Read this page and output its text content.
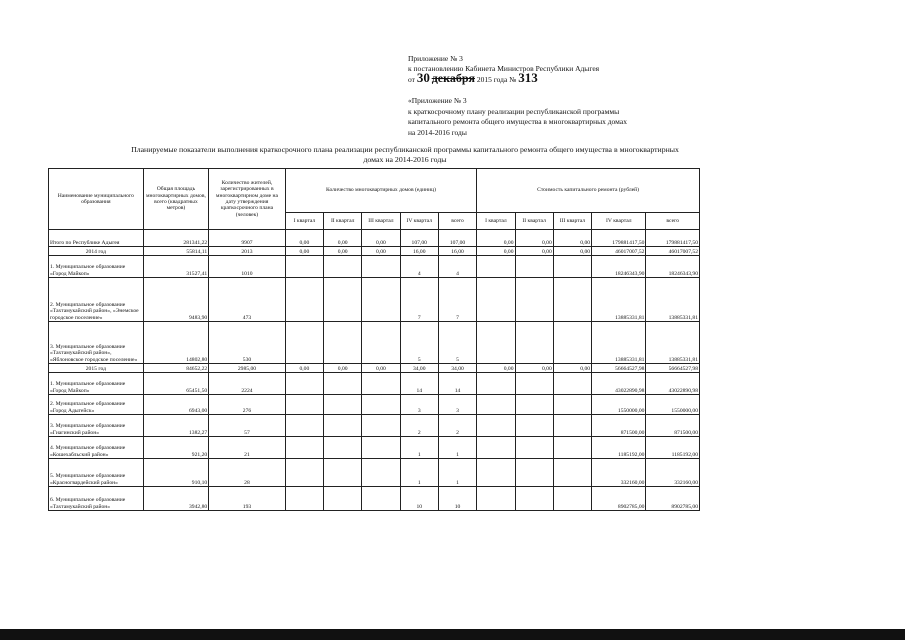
Приложение № 3
к постановлению Кабинета Министров Республики Адыгея
от 30 декабря 2015 года № 313
«Приложение № 3
к краткосрочному плану реализации республиканской программы
капитального ремонта общего имущества в многоквартирных домах
на 2014-2016 годы
Планируемые показатели выполнения краткосрочного плана реализации республиканской программы капитального ремонта общего имущества в многоквартирных
домах на 2014-2016 годы
Наименование муниципального образования	Общая площадь многоквартирных домов, всего (квадратных метров)	Количество жителей, зарегистрированных в многоквартирном доме на дату утверждения краткосрочного плана (человек)	Количество многоквартирных домов (единиц)					Стоимость капитального ремонта (рублей)				
			I квартал	II квартал	III квартал	IV квартал	всего	I квартал	II квартал	III квартал	IV квартал	всего
Итого по Республике Адыгея	281341,22	9907	0,00	0,00	0,00	107,00	107,00	0,00	0,00	0,00	179881417,50	179881417,50
2014 год	55814,11	2013	0,00	0,00	0,00	16,00	16,00	0,00	0,00	0,00	46017007,52	46017007,52
1. Муниципальное образование «Город Майкоп»	31527,41	1010				4	4				18246343,90	18246343,90
2. Муниципальное образование «Тахтамукайский район», «Энемское городское поселение»	9483,90	473				7	7				13885331,81	13885331,81
3. Муниципальное образование «Тахтамукайский район», «Яблоновское городское поселение»	14802,80	530				5	5				13885331,81	13885331,81
2015 год	84652,22	2985,00	0,00	0,00	0,00	34,00	34,00	0,00	0,00	0,00	56664527,98	56664527,98
1. Муниципальное образование «Город Майкоп»	65451,50	2224				14	14				43022890,98	43022890,98
2. Муниципальное образование «Город Адыгейск»	6943,00	276				3	3				1550000,00	1550000,00
3. Муниципальное образование «Гиагинский район»	1382,27	57				2	2				871500,00	871500,00
4. Муниципальное образование «Кошехабльский район»	921,20	21				1	1				1185192,00	1185192,00
5. Муниципальное образование «Красногвардейский район»	910,10	28				1	1				332160,00	332160,00
6. Муниципальное образование «Тахтамукайский район»	3942,80	193				10	10				8902785,00	8902785,00
